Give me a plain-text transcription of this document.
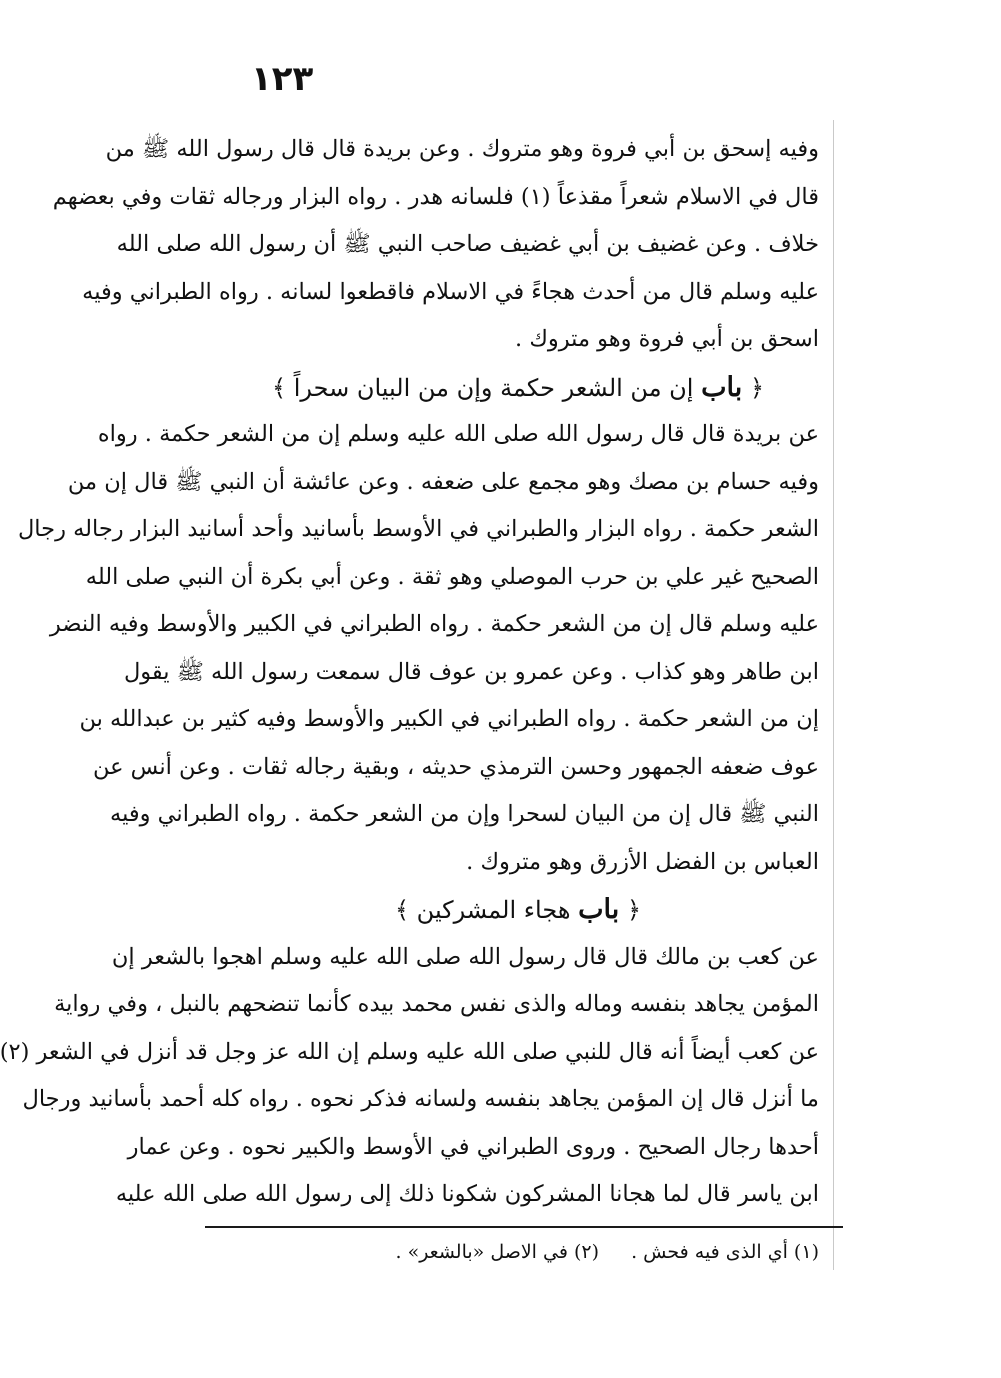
١٢٣
وفيه إسحق بن أبي فروة وهو متروك . وعن بريدة قال قال رسول الله ﷺ من
قال في الاسلام شعراً مقذعاً (١) فلسانه هدر . رواه البزار ورجاله ثقات وفي بعضهم
خلاف . وعن غضيف بن أبي غضيف صاحب النبي ﷺ أن رسول الله صلى الله
عليه وسلم قال من أحدث هجاءً في الاسلام فاقطعوا لسانه . رواه الطبراني وفيه
اسحق بن أبي فروة وهو متروك .
﴿ باب إن من الشعر حكمة وإن من البيان سحراً ﴾
عن بريدة قال قال رسول الله صلى الله عليه وسلم إن من الشعر حكمة . رواه
وفيه حسام بن مصك وهو مجمع على ضعفه . وعن عائشة أن النبي ﷺ قال إن من
الشعر حكمة . رواه البزار والطبراني في الأوسط بأسانيد وأحد أسانيد البزار رجاله رجال
الصحيح غير علي بن حرب الموصلي وهو ثقة . وعن أبي بكرة أن النبي صلى الله
عليه وسلم قال إن من الشعر حكمة . رواه الطبراني في الكبير والأوسط وفيه النضر
ابن طاهر وهو كذاب . وعن عمرو بن عوف قال سمعت رسول الله ﷺ يقول
إن من الشعر حكمة . رواه الطبراني في الكبير والأوسط وفيه كثير بن عبدالله بن
عوف ضعفه الجمهور وحسن الترمذي حديثه ، وبقية رجاله ثقات . وعن أنس عن
النبي ﷺ قال إن من البيان لسحرا وإن من الشعر حكمة . رواه الطبراني وفيه
العباس بن الفضل الأزرق وهو متروك .
﴿ باب هجاء المشركين ﴾
عن كعب بن مالك قال قال رسول الله صلى الله عليه وسلم اهجوا بالشعر إن
المؤمن يجاهد بنفسه وماله والذى نفس محمد بيده كأنما تنضحهم بالنبل ، وفي رواية
عن كعب أيضاً أنه قال للنبي صلى الله عليه وسلم إن الله عز وجل قد أنزل في الشعر (٢)
ما أنزل قال إن المؤمن يجاهد بنفسه ولسانه فذكر نحوه . رواه كله أحمد بأسانيد ورجال
أحدها رجال الصحيح . وروى الطبراني في الأوسط والكبير نحوه . وعن عمار
ابن ياسر قال لما هجانا المشركون شكونا ذلك إلى رسول الله صلى الله عليه
(١) أي الذى فيه فحش . (٢) في الاصل «بالشعر» .
